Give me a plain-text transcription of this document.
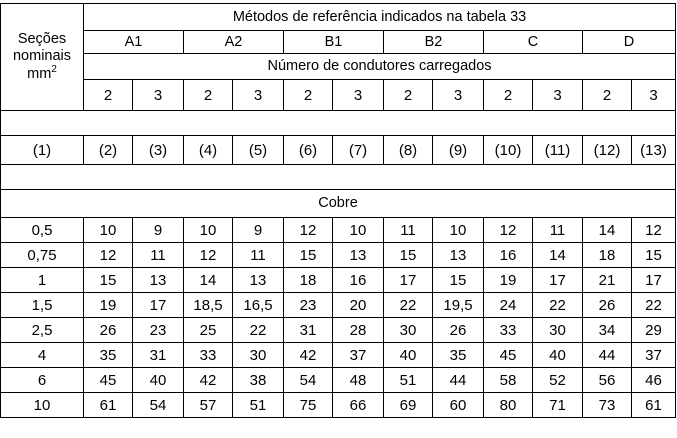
Seções
nominais
$mm^2$	Métodos de referência indicados na tabela 33											
	A1		A2		B1		B2		C		D	
	Número de condutores carregados											
	2	3	2	3	2	3	2	3	2	3	2	3

(1)	(2)	(3)	(4)	(5)	(6)	(7)	(8)	(9)	(10)	(11)	(12)	(13)

Cobre												
0,5	10	9	10	9	12	10	11	10	12	11	14	12
0,75	12	11	12	11	15	13	15	13	16	14	18	15
1	15	13	14	13	18	16	17	15	19	17	21	17
1,5	19	17	18,5	16,5	23	20	22	19,5	24	22	26	22
2,5	26	23	25	22	31	28	30	26	33	30	34	29
4	35	31	33	30	42	37	40	35	45	40	44	37
6	45	40	42	38	54	48	51	44	58	52	56	46
10	61	54	57	51	75	66	69	60	80	71	73	61
